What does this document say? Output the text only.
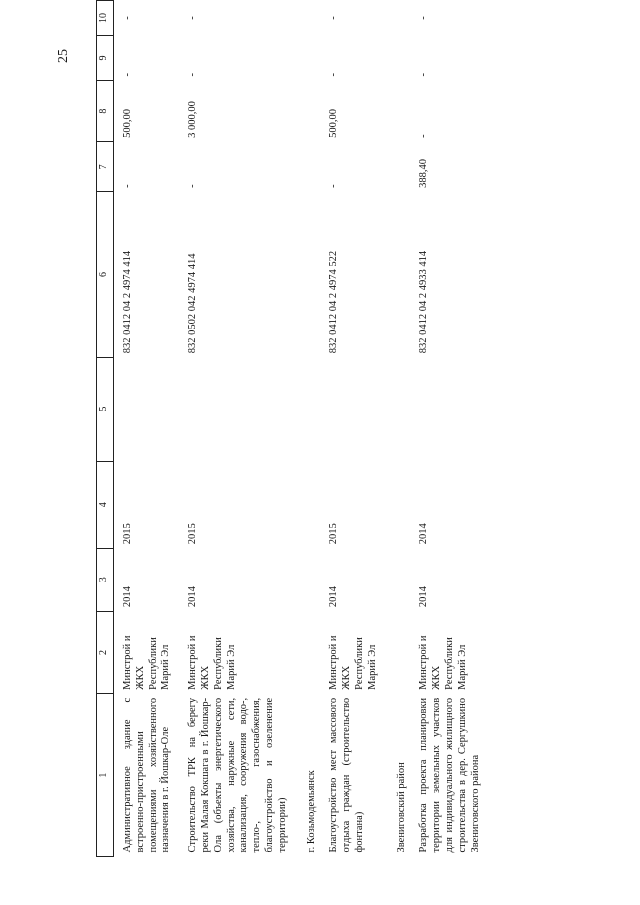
25
1	2	3	4	5	6	7	8	9	10
Административное здание с встроенно-пристроенными помещениями хозяйственного назначения в г. Йошкар-Оле	Минстрой и ЖКХ Республики Марий Эл	2014	2015		832 0412 04 2 4974 414	-	500,00	-	-
Строительство ТРК на берегу реки Малая Кокшага в г. Йошкар-Ола (объекты энергетического хозяйства, наружные сети, канализация, сооружения водо-, тепло-, газоснабжения, благоустройство и озеленение территории)	Минстрой и ЖКХ Республики Марий Эл	2014	2015		832 0502 042 4974 414	-	3 000,00	-	-
г. Козьмодемьянск									
Благоустройство мест массового отдыха граждан (строительство фонтана)	Минстрой и ЖКХ Республики Марий Эл	2014	2015		832 0412 04 2 4974 522	-	500,00	-	-
Звениговский район									
Разработка проекта планировки территории земельных участков для индивидуального жилищного строительства в дер. Сергушкино Звениговского района	Минстрой и ЖКХ Республики Марий Эл	2014	2014		832 0412 04 2 4933 414	388,40	-	-	-
